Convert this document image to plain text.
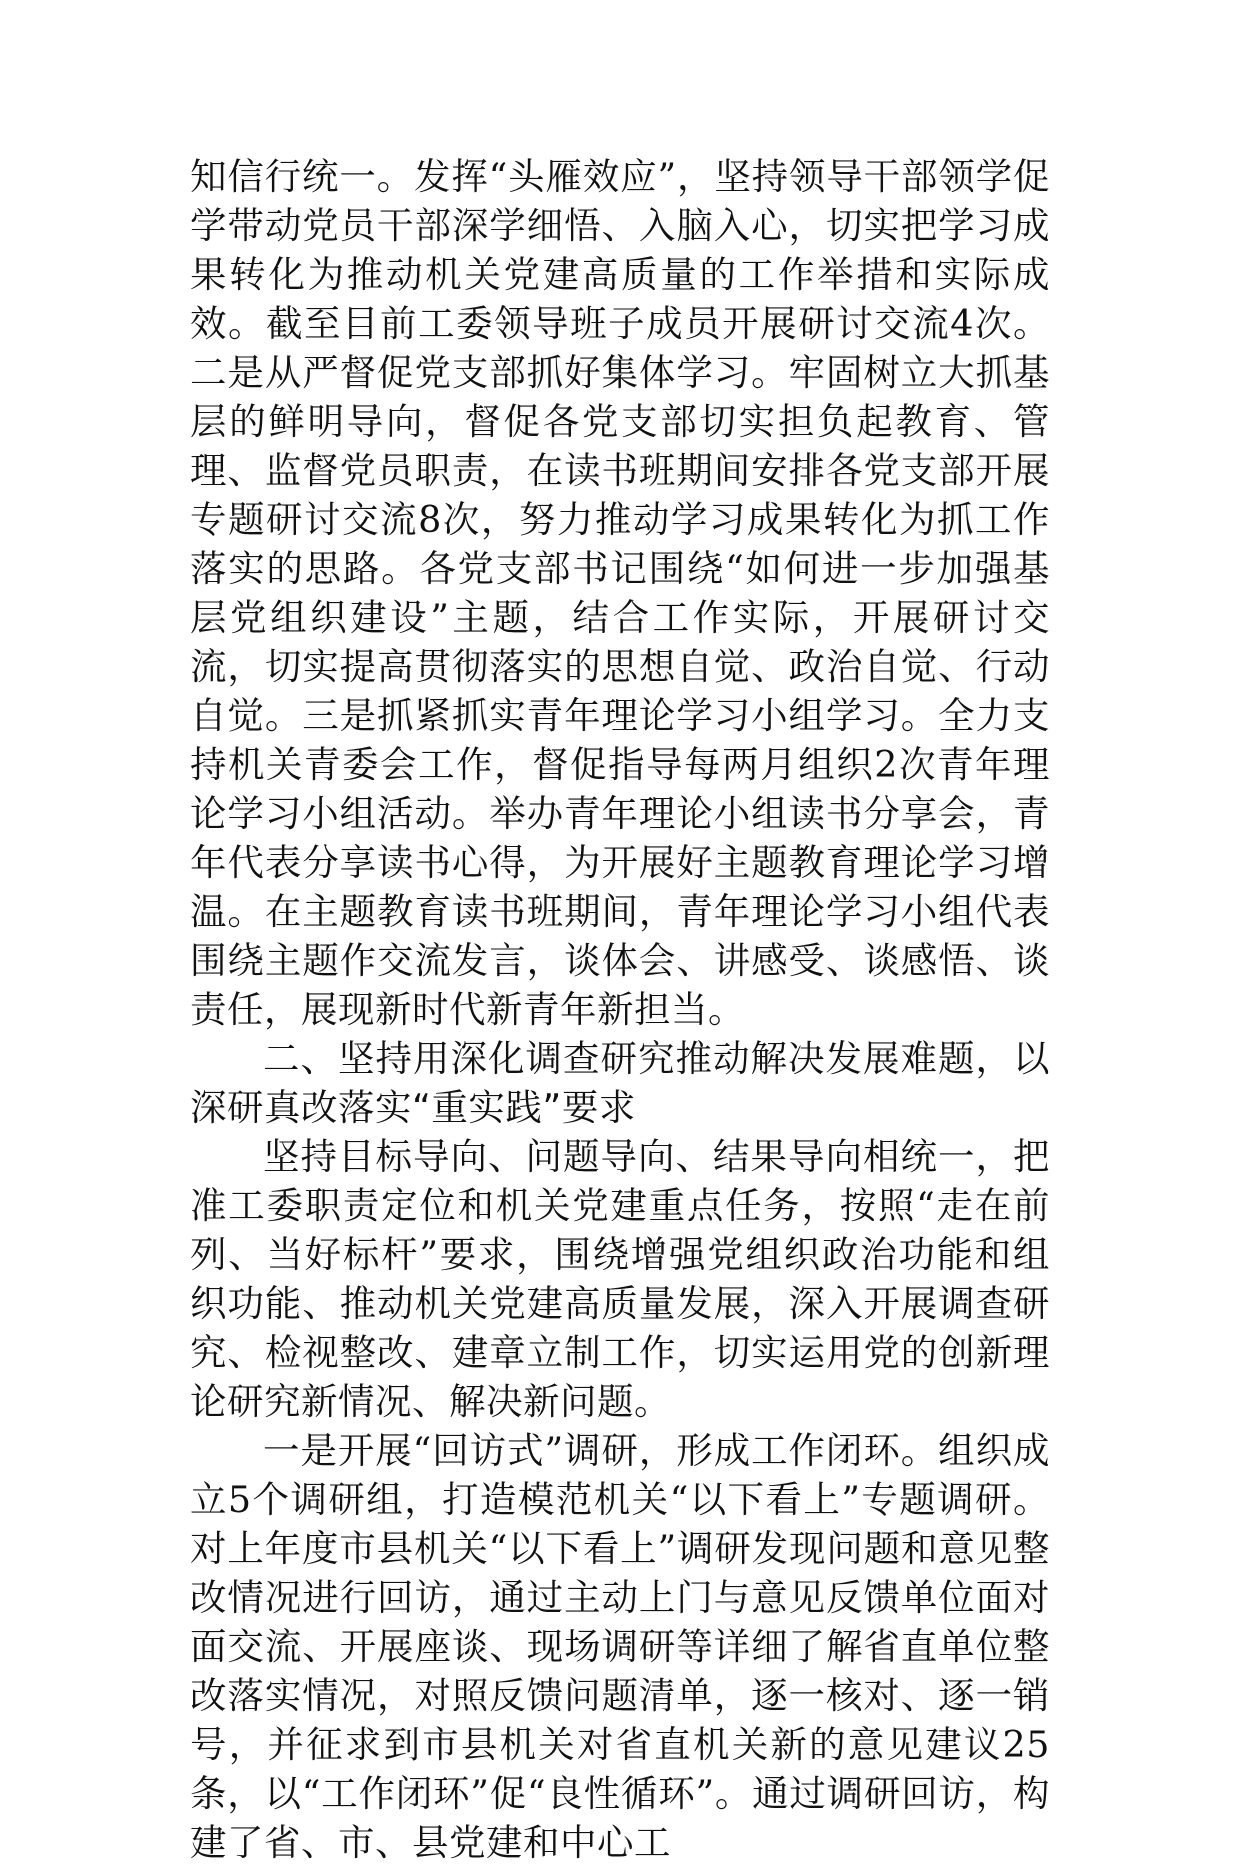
知信行统一。发挥“头雁效应”，坚持领导干部领学促学带动党员干部深学细悟、入脑入心，切实把学习成果转化为推动机关党建高质量的工作举措和实际成效。截至目前工委领导班子成员开展研讨交流4次。二是从严督促党支部抓好集体学习。牢固树立大抓基层的鲜明导向，督促各党支部切实担负起教育、管理、监督党员职责，在读书班期间安排各党支部开展专题研讨交流8次，努力推动学习成果转化为抓工作落实的思路。各党支部书记围绕“如何进一步加强基层党组织建设”主题，结合工作实际，开展研讨交流，切实提高贯彻落实的思想自觉、政治自觉、行动自觉。三是抓紧抓实青年理论学习小组学习。全力支持机关青委会工作，督促指导每两月组织2次青年理论学习小组活动。举办青年理论小组读书分享会，青年代表分享读书心得，为开展好主题教育理论学习增温。在主题教育读书班期间，青年理论学习小组代表围绕主题作交流发言，谈体会、讲感受、谈感悟、谈责任，展现新时代新青年新担当。

二、坚持用深化调查研究推动解决发展难题，以深研真改落实“重实践”要求

坚持目标导向、问题导向、结果导向相统一，把准工委职责定位和机关党建重点任务，按照“走在前列、当好标杆”要求，围绕增强党组织政治功能和组织功能、推动机关党建高质量发展，深入开展调查研究、检视整改、建章立制工作，切实运用党的创新理论研究新情况、解决新问题。

一是开展“回访式”调研，形成工作闭环。组织成立5个调研组，打造模范机关“以下看上”专题调研。对上年度市县机关“以下看上”调研发现问题和意见整改情况进行回访，通过主动上门与意见反馈单位面对面交流、开展座谈、现场调研等详细了解省直单位整改落实情况，对照反馈问题清单，逐一核对、逐一销号，并征求到市县机关对省直机关新的意见建议25条，以“工作闭环”促“良性循环”。通过调研回访，构建了省、市、县党建和中心工
